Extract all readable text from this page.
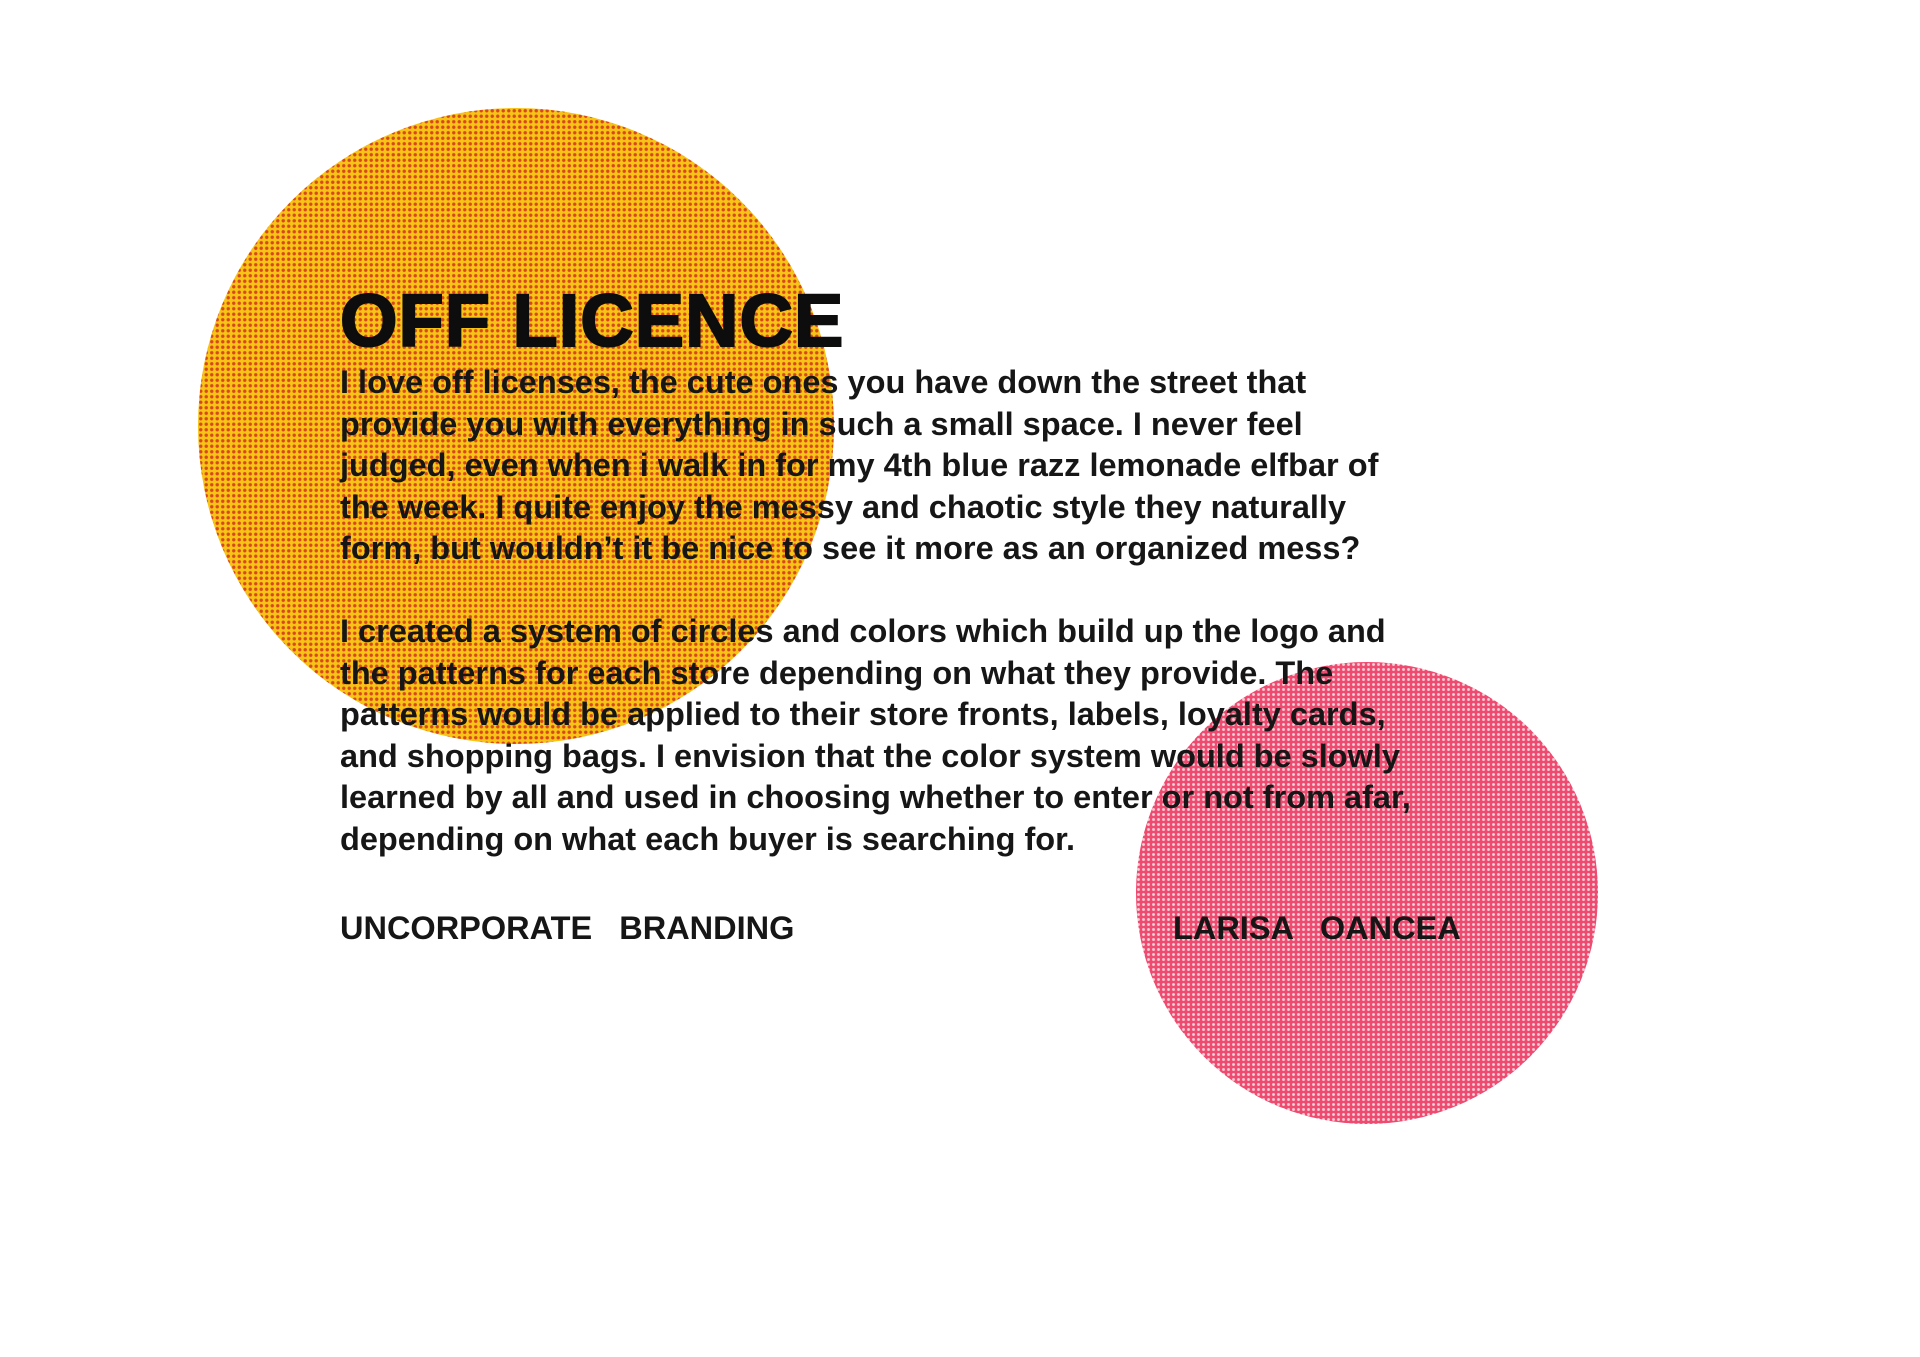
OFF LICENCE

I love off licenses, the cute ones you have down the street that
provide you with everything in such a small space. I never feel
judged, even when i walk in for my 4th blue razz lemonade elfbar of
the week. I quite enjoy the messy and chaotic style they naturally
form, but wouldn’t it be nice to see it more as an organized mess?

I created a system of circles and colors which build up the logo and
the patterns for each store depending on what they provide. The
patterns would be applied to their store fronts, labels, loyalty cards,
and shopping bags. I envision that the color system would be slowly
learned by all and used in choosing whether to enter or not from afar,
depending on what each buyer is searching for.

UNCORPORATE   BRANDING	LARISA   OANCEA
